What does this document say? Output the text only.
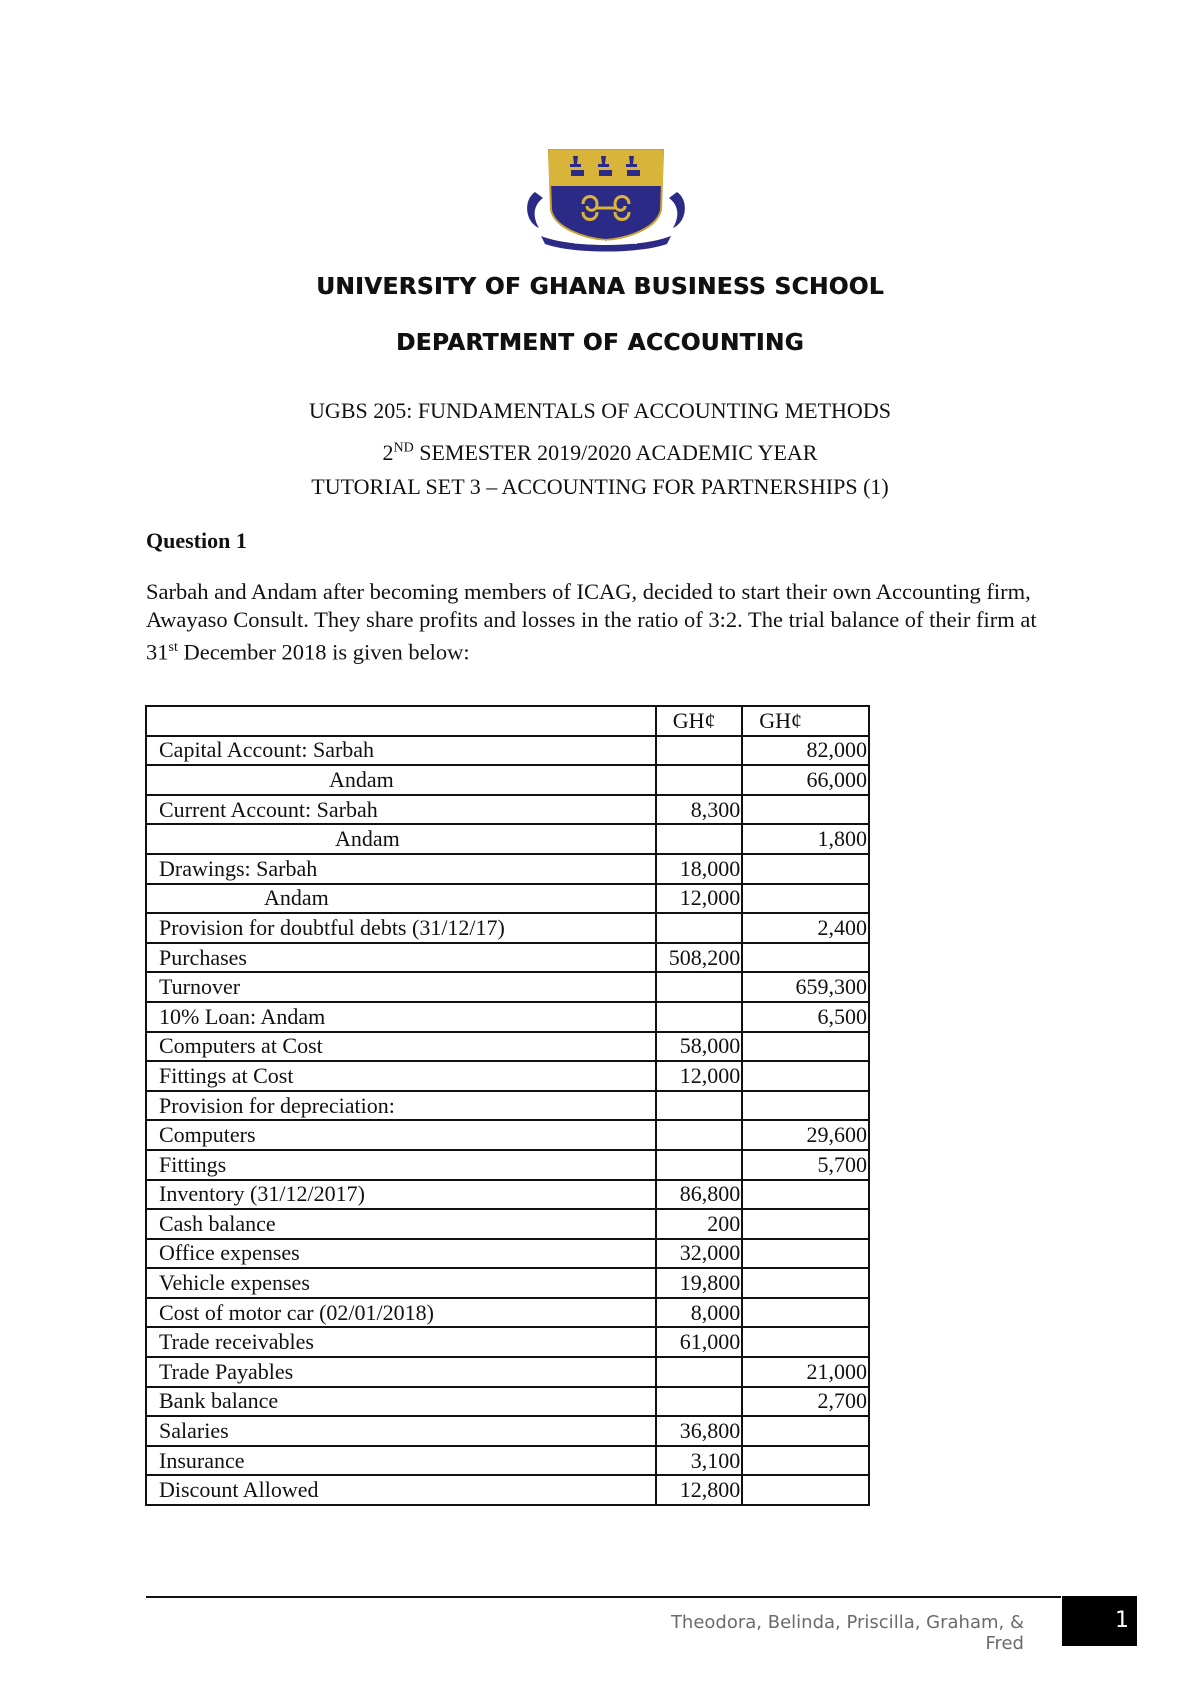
INTEGRI PROCEDAMUS
UNIVERSITY OF GHANA BUSINESS SCHOOL
DEPARTMENT OF ACCOUNTING
UGBS 205: FUNDAMENTALS OF ACCOUNTING METHODS
2ND SEMESTER 2019/2020 ACADEMIC YEAR
TUTORIAL SET 3 – ACCOUNTING FOR PARTNERSHIPS (1)
Question 1
Sarbah and Andam after becoming members of ICAG, decided to start their own Accounting firm, Awayaso Consult. They share profits and losses in the ratio of 3:2. The trial balance of their firm at 31st December 2018 is given below:
	GH¢	GH¢
Capital Account: Sarbah		82,000
Andam		66,000
Current Account: Sarbah	8,300	
Andam		1,800
Drawings: Sarbah	18,000	
Andam	12,000	
Provision for doubtful debts (31/12/17)		2,400
Purchases	508,200	
Turnover		659,300
10% Loan: Andam		6,500
Computers at Cost	58,000	
Fittings at Cost	12,000	
Provision for depreciation:		
Computers		29,600
Fittings		5,700
Inventory (31/12/2017)	86,800	
Cash balance	200	
Office expenses	32,000	
Vehicle expenses	19,800	
Cost of motor car (02/01/2018)	8,000	
Trade receivables	61,000	
Trade Payables		21,000
Bank balance		2,700
Salaries	36,800	
Insurance	3,100	
Discount Allowed	12,800	
Theodora, Belinda, Priscilla, Graham, & Fred
1
